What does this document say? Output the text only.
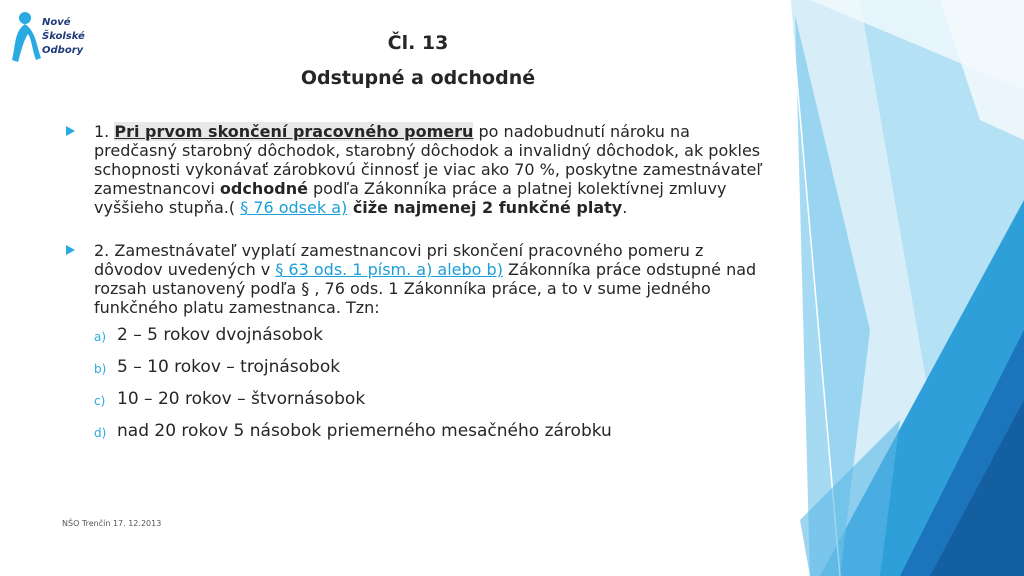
Nové
Školské
Odbory	Čl. 13
Odstupné a odchodné
1. Pri prvom skončení pracovného pomeru po nadobudnutí nároku na predčasný starobný dôchodok, starobný dôchodok a invalidný dôchodok, ak pokles schopnosti vykonávať zárobkovú činnosť je viac ako 70 %, poskytne zamestnávateľ zamestnancovi odchodné podľa Zákonníka práce a platnej kolektívnej zmluvy vyššieho stupňa.( § 76 odsek a) čiže najmenej 2 funkčné platy.
2. Zamestnávateľ vyplatí zamestnancovi pri skončení pracovného pomeru z dôvodov uvedených v § 63 ods. 1 písm. a) alebo b) Zákonníka práce odstupné nad rozsah ustanovený podľa § , 76 ods. 1 Zákonníka práce, a to v sume jedného funkčného platu zamestnanca. Tzn:
a) 2 – 5 rokov dvojnásobok
b) 5 – 10 rokov – trojnásobok
c) 10 – 20 rokov – štvornásobok
d) nad 20 rokov 5 násobok priemerného mesačného zárobku
NŠO Trenčín 17. 12.2013
